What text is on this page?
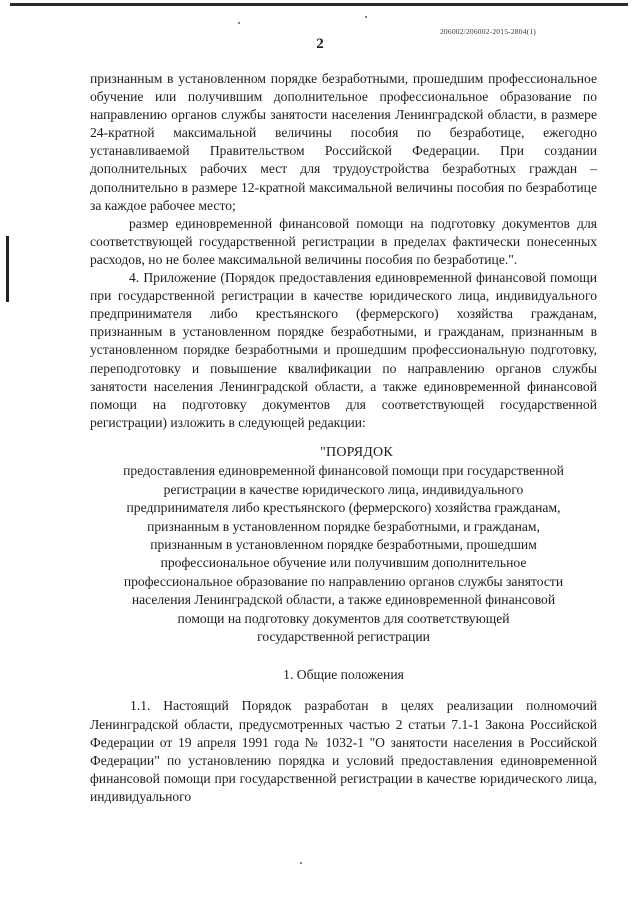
206002/206002-2015-2804(1)
2

признанным в установленном порядке безработными, прошедшим профессиональное обучение или получившим дополнительное профессиональное образование по направлению органов службы занятости населения Ленинградской области, в размере 24-кратной максимальной величины пособия по безработице, ежегодно устанавливаемой Правительством Российской Федерации. При создании дополнительных рабочих мест для трудоустройства безработных граждан – дополнительно в размере 12-кратной максимальной величины пособия по безработице за каждое рабочее место;

размер единовременной финансовой помощи на подготовку документов для соответствующей государственной регистрации в пределах фактически понесенных расходов, но не более максимальной величины пособия по безработице.".

4. Приложение (Порядок предоставления единовременной финансовой помощи при государственной регистрации в качестве юридического лица, индивидуального предпринимателя либо крестьянского (фермерского) хозяйства гражданам, признанным в установленном порядке безработными, и гражданам, признанным в установленном порядке безработными и прошедшим профессиональную подготовку, переподготовку и повышение квалификации по направлению органов службы занятости населения Ленинградской области, а также единовременной финансовой помощи на подготовку документов для соответствующей государственной регистрации) изложить в следующей редакции:

"ПОРЯДОК
предоставления единовременной финансовой помощи при государственной
регистрации в качестве юридического лица, индивидуального
предпринимателя либо крестьянского (фермерского) хозяйства гражданам,
признанным в установленном порядке безработными, и гражданам,
признанным в установленном порядке безработными, прошедшим
профессиональное обучение или получившим дополнительное
профессиональное образование по направлению органов службы занятости
населения Ленинградской области, а также единовременной финансовой
помощи на подготовку документов для соответствующей
государственной регистрации
1. Общие положения

1.1. Настоящий Порядок разработан в целях реализации полномочий Ленинградской области, предусмотренных частью 2 статьи 7.1-1 Закона Российской Федерации от 19 апреля 1991 года № 1032-1 "О занятости населения в Российской Федерации" по установлению порядка и условий предоставления единовременной финансовой помощи при государственной регистрации в качестве юридического лица, индивидуального
